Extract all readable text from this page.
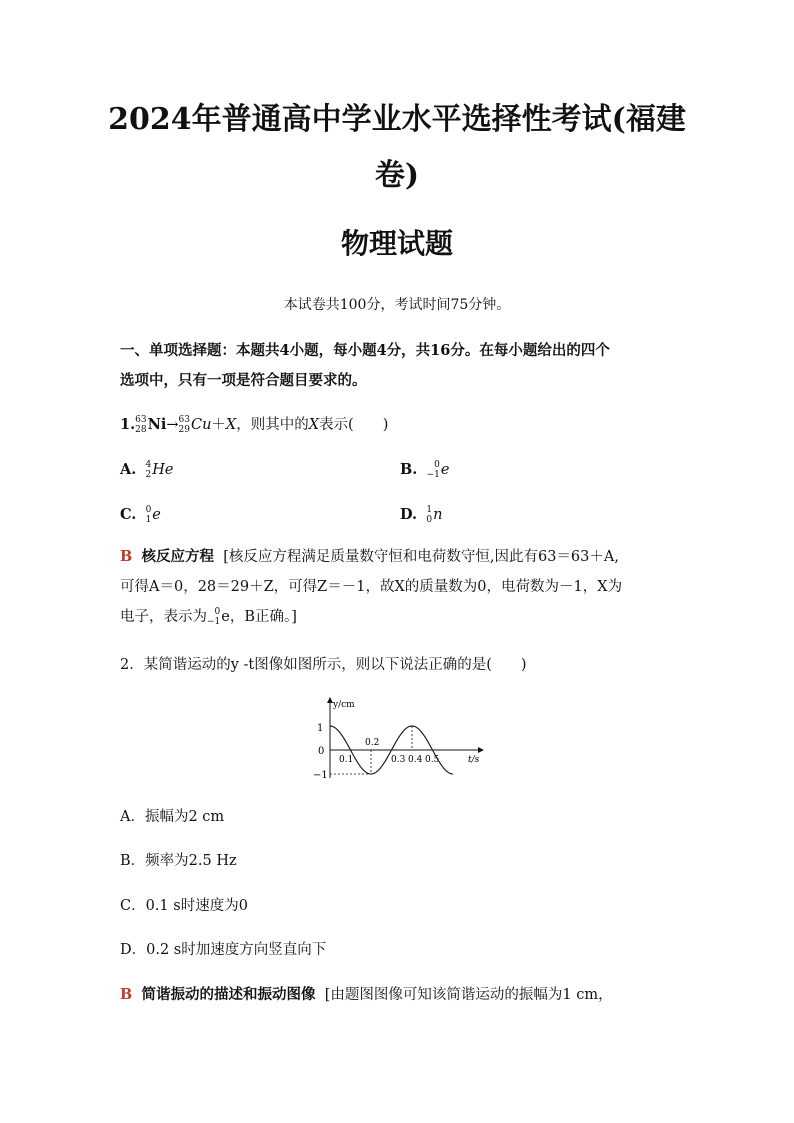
2024年普通高中学业水平选择性考试(福建
卷)
物理试题
本试卷共100分，考试时间75分钟。
一、单项选择题：本题共4小题，每小题4分，共16分。在每小题给出的四个
选项中，只有一项是符合题目要求的。
1. 63
28 Ni→ 63
29 Cu＋X，则其中的X表示(　　)
A. 4
2 He	B.	0
−1 e
C. 0
1 e	D. 1
0 n
B 核反应方程 [核反应方程满足质量数守恒和电荷数守恒,因此有63＝63＋A,
可得A＝0，28＝29＋Z，可得Z＝－1，故X的质量数为0，电荷数为－1，X为
电子，表示为 0
−1 e，B正确。]
2．某简谐运动的y -t图像如图所示，则以下说法正确的是(　　)
y/cm
t/s
1
0
−1
0.1
0.2
0.3 0.4 0.5
A．振幅为2 cm
B．频率为2.5 Hz
C．0.1 s时速度为0
D．0.2 s时加速度方向竖直向下
B 简谐振动的描述和振动图像 [由题图图像可知该简谐运动的振幅为1 cm，
